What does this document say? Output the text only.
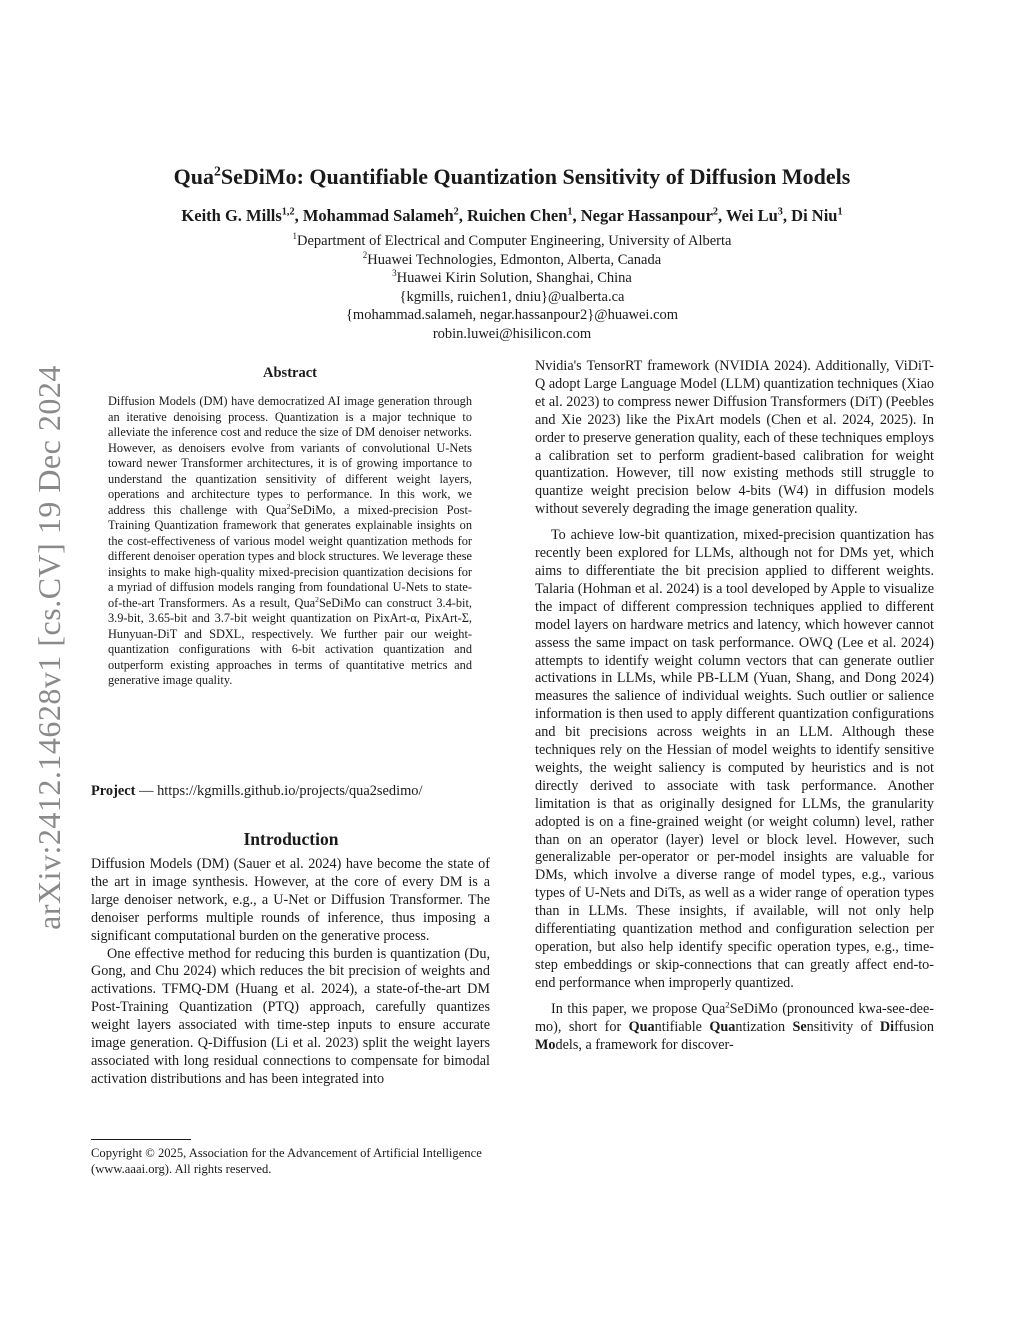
arXiv:2412.14628v1 [cs.CV] 19 Dec 2024
Qua$^2$SeDiMo: Quantifiable Quantization Sensitivity of Diffusion Models
Keith G. Mills$^{1,2}$, Mohammad Salameh$^2$, Ruichen Chen$^1$, Negar Hassanpour$^2$, Wei Lu$^3$, Di Niu$^1$
$^1$Department of Electrical and Computer Engineering, University of Alberta
$^2$Huawei Technologies, Edmonton, Alberta, Canada
$^3$Huawei Kirin Solution, Shanghai, China
{kgmills, ruichen1, dniu}@ualberta.ca
{mohammad.salameh, negar.hassanpour2}@huawei.com
robin.luwei@hisilicon.com
Abstract
Diffusion Models (DM) have democratized AI image generation through an iterative denoising process. Quantization is a major technique to alleviate the inference cost and reduce the size of DM denoiser networks. However, as denoisers evolve from variants of convolutional U-Nets toward newer Transformer architectures, it is of growing importance to understand the quantization sensitivity of different weight layers, operations and architecture types to performance. In this work, we address this challenge with Qua$^2$SeDiMo, a mixed-precision Post-Training Quantization framework that generates explainable insights on the cost-effectiveness of various model weight quantization methods for different denoiser operation types and block structures. We leverage these insights to make high-quality mixed-precision quantization decisions for a myriad of diffusion models ranging from foundational U-Nets to state-of-the-art Transformers. As a result, Qua$^2$SeDiMo can construct 3.4-bit, 3.9-bit, 3.65-bit and 3.7-bit weight quantization on PixArt-α, PixArt-Σ, Hunyuan-DiT and SDXL, respectively. We further pair our weight-quantization configurations with 6-bit activation quantization and outperform existing approaches in terms of quantitative metrics and generative image quality.
Project — https://kgmills.github.io/projects/qua2sedimo/
Introduction

Diffusion Models (DM) (Sauer et al. 2024) have become the state of the art in image synthesis. However, at the core of every DM is a large denoiser network, e.g., a U-Net or Diffusion Transformer. The denoiser performs multiple rounds of inference, thus imposing a significant computational burden on the generative process.

One effective method for reducing this burden is quantization (Du, Gong, and Chu 2024) which reduces the bit precision of weights and activations. TFMQ-DM (Huang et al. 2024), a state-of-the-art DM Post-Training Quantization (PTQ) approach, carefully quantizes weight layers associated with time-step inputs to ensure accurate image generation. Q-Diffusion (Li et al. 2023) split the weight layers associated with long residual connections to compensate for bimodal activation distributions and has been integrated into

Copyright © 2025, Association for the Advancement of Artificial Intelligence (www.aaai.org). All rights reserved.

Nvidia's TensorRT framework (NVIDIA 2024). Additionally, ViDiT-Q adopt Large Language Model (LLM) quantization techniques (Xiao et al. 2023) to compress newer Diffusion Transformers (DiT) (Peebles and Xie 2023) like the PixArt models (Chen et al. 2024, 2025). In order to preserve generation quality, each of these techniques employs a calibration set to perform gradient-based calibration for weight quantization. However, till now existing methods still struggle to quantize weight precision below 4-bits (W4) in diffusion models without severely degrading the image generation quality.

To achieve low-bit quantization, mixed-precision quantization has recently been explored for LLMs, although not for DMs yet, which aims to differentiate the bit precision applied to different weights. Talaria (Hohman et al. 2024) is a tool developed by Apple to visualize the impact of different compression techniques applied to different model layers on hardware metrics and latency, which however cannot assess the same impact on task performance. OWQ (Lee et al. 2024) attempts to identify weight column vectors that can generate outlier activations in LLMs, while PB-LLM (Yuan, Shang, and Dong 2024) measures the salience of individual weights. Such outlier or salience information is then used to apply different quantization configurations and bit precisions across weights in an LLM. Although these techniques rely on the Hessian of model weights to identify sensitive weights, the weight saliency is computed by heuristics and is not directly derived to associate with task performance. Another limitation is that as originally designed for LLMs, the granularity adopted is on a fine-grained weight (or weight column) level, rather than on an operator (layer) level or block level. However, such generalizable per-operator or per-model insights are valuable for DMs, which involve a diverse range of model types, e.g., various types of U-Nets and DiTs, as well as a wider range of operation types than in LLMs. These insights, if available, will not only help differentiating quantization method and configuration selection per operation, but also help identify specific operation types, e.g., time-step embeddings or skip-connections that can greatly affect end-to-end performance when improperly quantized.

In this paper, we propose Qua$^2$SeDiMo (pronounced kwa-see-dee-mo), short for Quantifiable Quantization Sensitivity of Diffusion Models, a framework for discover-
